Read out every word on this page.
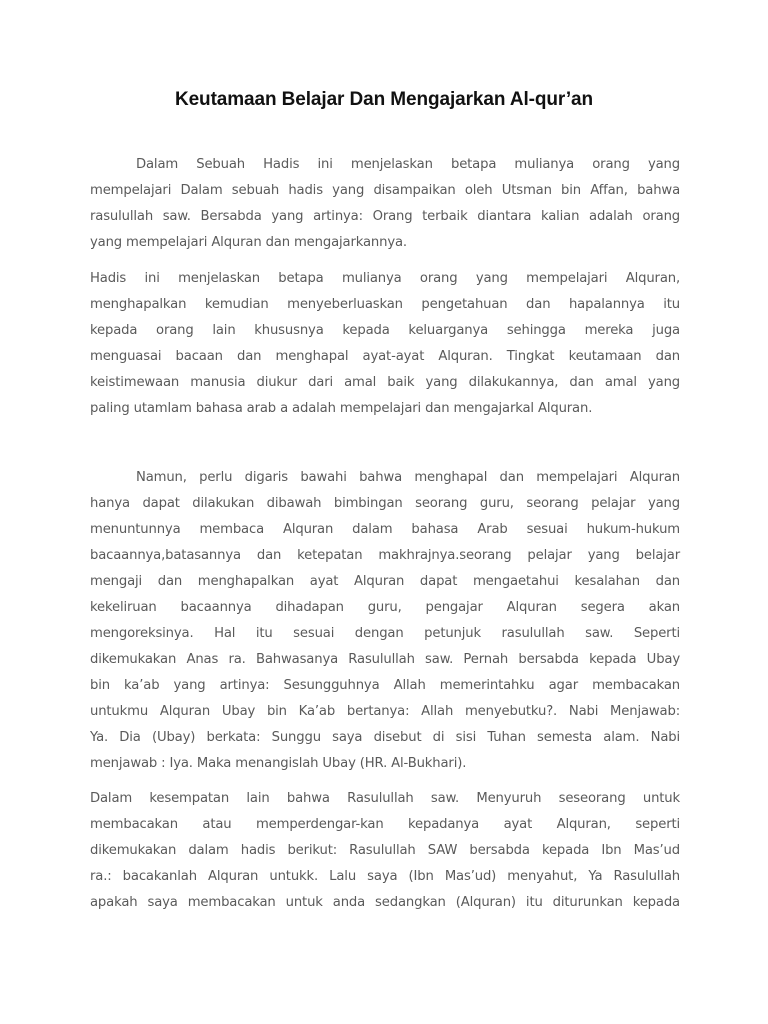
Keutamaan Belajar Dan Mengajarkan Al-qur’an
Dalam Sebuah Hadis ini menjelaskan betapa mulianya orang yang
mempelajari Dalam sebuah hadis yang disampaikan oleh Utsman bin Affan, bahwa
rasulullah saw. Bersabda yang artinya: Orang terbaik diantara kalian adalah orang
yang mempelajari Alquran dan mengajarkannya.
Hadis ini menjelaskan betapa mulianya orang yang mempelajari Alquran,
menghapalkan kemudian menyeberluaskan pengetahuan dan hapalannya itu
kepada orang lain khususnya kepada keluarganya sehingga mereka juga
menguasai bacaan dan menghapal ayat-ayat Alquran. Tingkat keutamaan dan
keistimewaan manusia diukur dari amal baik yang dilakukannya, dan amal yang
paling utamlam bahasa arab a adalah mempelajari dan mengajarkal Alquran.
Namun, perlu digaris bawahi bahwa menghapal dan mempelajari Alquran
hanya dapat dilakukan dibawah bimbingan seorang guru, seorang pelajar yang
menuntunnya membaca Alquran dalam bahasa Arab sesuai hukum-hukum
bacaannya,batasannya dan ketepatan makhrajnya.seorang pelajar yang belajar
mengaji dan menghapalkan ayat Alquran dapat mengaetahui kesalahan dan
kekeliruan bacaannya dihadapan guru, pengajar Alquran segera akan
mengoreksinya. Hal itu sesuai dengan petunjuk rasulullah saw. Seperti
dikemukakan Anas ra. Bahwasanya Rasulullah saw. Pernah bersabda kepada Ubay
bin ka’ab yang artinya: Sesungguhnya Allah memerintahku agar membacakan
untukmu Alquran Ubay bin Ka’ab bertanya: Allah menyebutku?. Nabi Menjawab:
Ya. Dia (Ubay) berkata: Sunggu saya disebut di sisi Tuhan semesta alam. Nabi
menjawab : Iya. Maka menangislah Ubay (HR. Al-Bukhari).
Dalam kesempatan lain bahwa Rasulullah saw. Menyuruh seseorang untuk
membacakan atau memperdengar-kan kepadanya ayat Alquran, seperti
dikemukakan dalam hadis berikut: Rasulullah SAW bersabda kepada Ibn Mas’ud
ra.: bacakanlah Alquran untukk. Lalu saya (Ibn Mas’ud) menyahut, Ya Rasulullah
apakah saya membacakan untuk anda sedangkan (Alquran) itu diturunkan kepada
